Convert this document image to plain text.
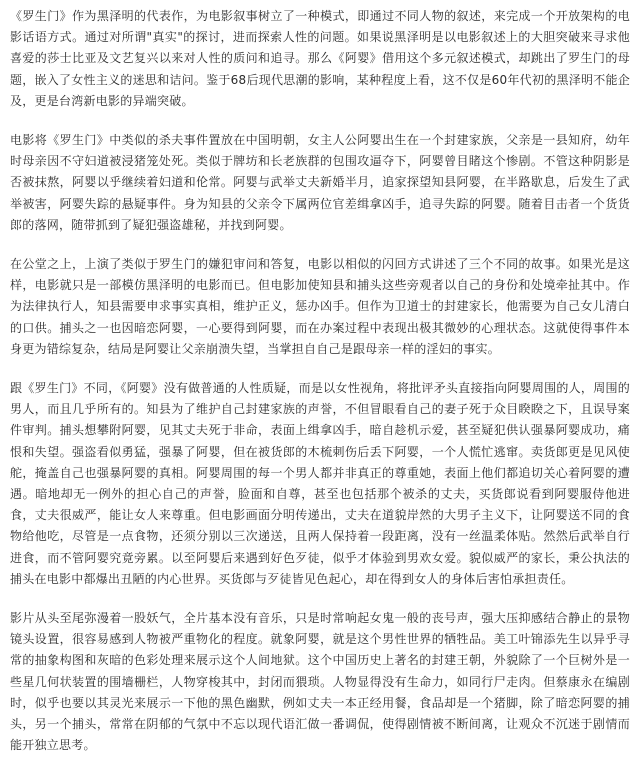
《罗生门》作为黑泽明的代表作，为电影叙事树立了一种模式，即通过不同人物的叙述，来完成一个开放架构的电影话语方式。通过对所谓"真实"的探讨，进而探索人性的问题。如果说黑泽明是以电影叙述上的大胆突破来寻求他喜爱的莎士比亚及文艺复兴以来对人性的质问和追寻。那么《阿婴》借用这个多元叙述模式，却跳出了罗生门的母题，嵌入了女性主义的迷思和诘问。鉴于68后现代思潮的影响，某种程度上看，这不仅是60年代初的黑泽明不能企及，更是台湾新电影的异端突破。

电影将《罗生门》中类似的杀夫事件置放在中国明朝，女主人公阿婴出生在一个封建家族，父亲是一县知府，幼年时母亲因不守妇道被浸猪笼处死。类似于牌坊和长老族群的包围攻逼夺下，阿婴曾目睹这个惨剧。不管这种阴影是否被抹熬，阿婴以乎继续着妇道和伦常。阿婴与武举丈夫新婚半月，追家探望知县阿婴，在半路歇息，后发生了武举被害，阿婴失踪的悬疑事件。身为知县的父亲令下属两位官差缉拿凶手，追寻失踪的阿婴。随着目击者一个货货郎的落网，随带抓到了疑犯强盗雄秘，并找到阿婴。

在公堂之上，上演了类似于罗生门的嫌犯审问和答复，电影以相似的闪回方式讲述了三个不同的故事。如果光是这样，电影就只是一部模仿黑泽明的电影而已。但电影加使知县和捕头这些旁观者以自己的身份和处境牵扯其中。作为法律执行人，知县需要申求事实真相，维护正义，惩办凶手。但作为卫道士的封建家长，他需要为自己女儿清白的口供。捕头之一也因暗恋阿婴，一心要得到阿婴，而在办案过程中表现出极其微妙的心理状态。这就使得事件本身更为错综复杂，结局是阿婴让父亲崩溃失望，当掌担自自己是跟母亲一样的淫妇的事实。

跟《罗生门》不同，《阿婴》没有做普通的人性质疑，而是以女性视角，将批评矛头直接指向阿婴周围的人，周围的男人，而且几乎所有的。知县为了维护自己封建家族的声誉，不但冒眼看自己的妻子死于众目睽睽之下，且误导案件审判。捕头想攀附阿婴，见其丈夫死于非命，表面上缉拿凶手，暗自趁机示爱，甚至疑犯供认强暴阿婴成功，痛恨和失望。强盗看似勇猛，强暴了阿婴，但在被货郎的木梳刺伤后丢下阿婴，一个人慌忙逃窜。卖货郎更是见风使舵，掩盖自己也强暴阿婴的真相。阿婴周围的每一个男人都并非真正的尊重她，表面上他们都追切关心着阿婴的遭遇。暗地却无一例外的担心自己的声誉，脸面和自尊，甚至也包括那个被杀的丈夫，买货郎说看到阿婴服侍他进食，丈夫很威严，能让女人来尊重。但电影画面分明传递出，丈夫在道貌岸然的大男子主义下，让阿婴送不同的食物给他吃，尽管是一点食物，还须分别以三次递送，且两人保持着一段距离，没有一丝温柔体贴。然然后武举自行进食，而不管阿婴究竟旁累。以至阿婴后来遇到好色歹徒，似乎才体验到男欢女爱。貌似威严的家长，秉公执法的捕头在电影中都爆出丑陋的内心世界。买货郎与歹徒皆见色起心，却在得到女人的身体后害怕承担责任。

影片从头至尾弥漫着一股妖气，全片基本没有音乐，只是时常响起女鬼一般的丧号声，强大压抑感结合静止的景物镜头设置，很容易感到人物被严重物化的程度。就象阿婴，就是这个男性世界的牺牲品。美工叶锦添先生以异乎寻常的抽象构图和灰暗的色彩处理来展示这个人间地狱。这个中国历史上著名的封建王朝，外貌除了一个巨树外是一些星几何状装置的围墙栅栏，人物穿梭其中，封闭而猥琐。人物显得没有生命力，如同行尸走肉。但蔡康永在编剧时，似乎也要以其灵光来展示一下他的黑色幽默，例如丈夫一本正经用餐，食品却是一个猪脚，除了暗恋阿婴的捕头，另一个捕头，常常在阴郁的气氛中不忘以现代语汇做一番调侃，使得剧情被不断间离，让观众不沉迷于剧情而能开独立思考。
